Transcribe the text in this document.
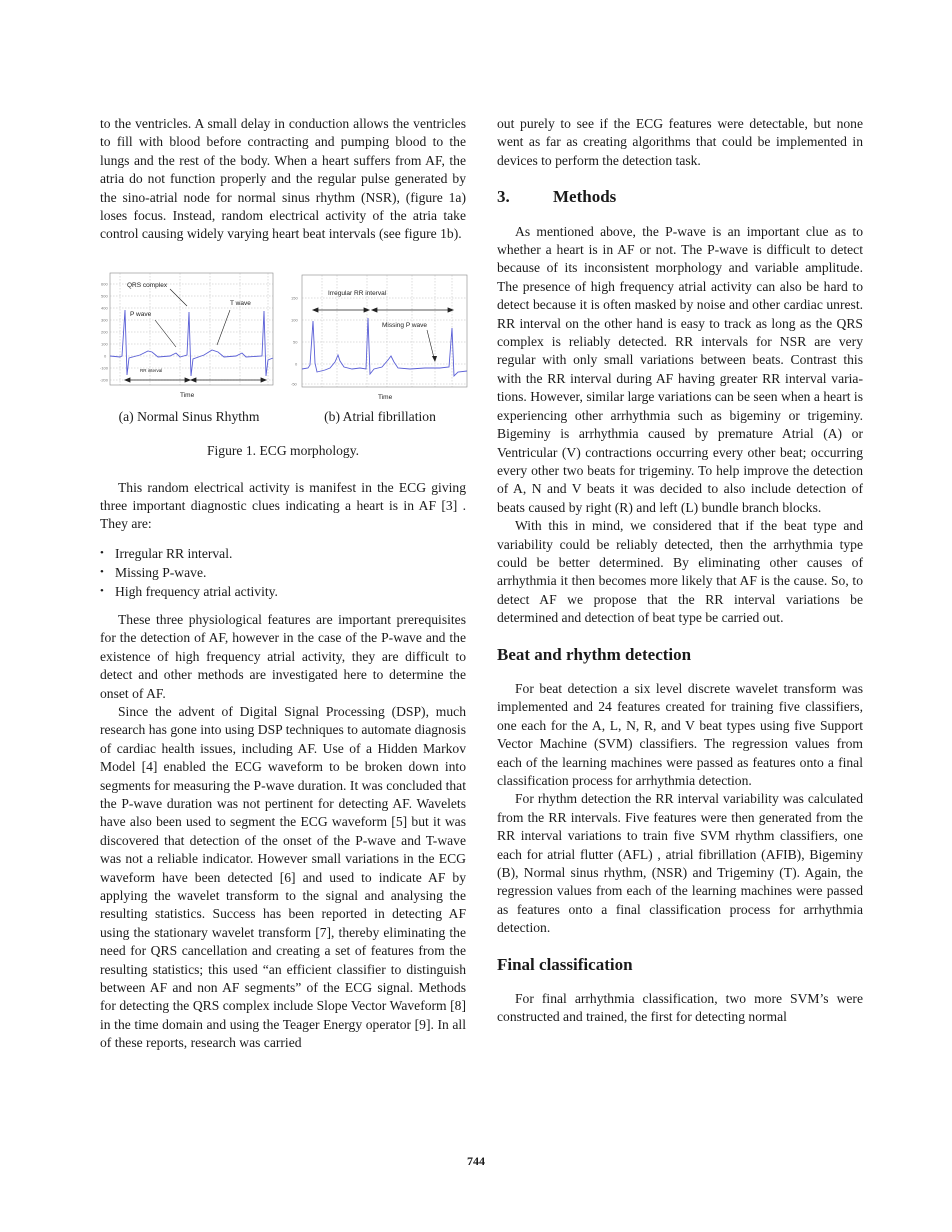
to the ventricles. A small delay in conduction allows the ventricles to fill with blood before contracting and pumping blood to the lungs and the rest of the body. When a heart suffers from AF, the atria do not function properly and the regular pulse generated by the sino-atrial node for normal sinus rhythm (NSR), (figure 1a) loses focus. Instead, random electrical activity of the atria take control causing widely varying heart beat intervals (see figure 1b).

600
500
400
300
200
100
0
-100
-200
QRS complex
P wave
T wave
RR interval
Time
(a) Normal Sinus Rhythm
150
100
50
0
-50
Irregular RR interval
Missing P wave
Time
(b) Atrial fibrillation
Figure 1. ECG morphology.

This random electrical activity is manifest in the ECG giving three important diagnostic clues indicating a heart is in AF [3] . They are:

• Irregular RR interval.
• Missing P-wave.
• High frequency atrial activity.

These three physiological features are important prerequisites for the detection of AF, however in the case of the P-wave and the existence of high frequency atrial activity, they are difficult to detect and other methods are investigated here to determine the onset of AF.

Since the advent of Digital Signal Processing (DSP), much research has gone into using DSP techniques to automate diagnosis of cardiac health issues, including AF. Use of a Hidden Markov Model [4] enabled the ECG waveform to be broken down into segments for measuring the P-wave duration. It was concluded that the P-wave duration was not pertinent for detecting AF. Wavelets have also been used to segment the ECG waveform [5] but it was discovered that detection of the onset of the P-wave and T-wave was not a reliable indicator. However small variations in the ECG waveform have been detected [6] and used to indicate AF by applying the wavelet transform to the signal and analysing the resulting statistics. Success has been reported in detecting AF using the stationary wavelet transform [7], thereby eliminating the need for QRS cancellation and creating a set of features from the resulting statistics; this used “an efficient classifier to distinguish between AF and non AF segments” of the ECG signal. Methods for detecting the QRS complex include Slope Vector Waveform [8] in the time domain and using the Teager Energy operator [9]. In all of these reports, research was carried

out purely to see if the ECG features were detectable, but none went as far as creating algorithms that could be implemented in devices to perform the detection task.

3.	Methods

As mentioned above, the P-wave is an important clue as to whether a heart is in AF or not. The P-wave is difficult to detect because of its inconsistent morphology and variable amplitude. The presence of high frequency atrial activity can also be hard to detect because it is often masked by noise and other cardiac unrest. RR interval on the other hand is easy to track as long as the QRS complex is reliably detected. RR intervals for NSR are very regular with only small variations between beats. Contrast this with the RR interval during AF having greater RR interval variations. However, similar large variations can be seen when a heart is experiencing other arrhythmia such as bigeminy or trigeminy. Bigeminy is arrhythmia caused by premature Atrial (A) or Ventricular (V) contractions occurring every other beat; occurring every other two beats for trigeminy. To help improve the detection of A, N and V beats it was decided to also include detection of beats caused by right (R) and left (L) bundle branch blocks.

With this in mind, we considered that if the beat type and variability could be reliably detected, then the arrhythmia type could be better determined. By eliminating other causes of arrhythmia it then becomes more likely that AF is the cause. So, to detect AF we propose that the RR interval variations be determined and detection of beat type be carried out.

Beat and rhythm detection

For beat detection a six level discrete wavelet transform was implemented and 24 features created for training five classifiers, one each for the A, L, N, R, and V beat types using five Support Vector Machine (SVM) classifiers. The regression values from each of the learning machines were passed as features onto a final classification process for arrhythmia detection.

For rhythm detection the RR interval variability was calculated from the RR intervals. Five features were then generated from the RR interval variations to train five SVM rhythm classifiers, one each for atrial flutter (AFL) , atrial fibrillation (AFIB), Bigeminy (B), Normal sinus rhythm, (NSR) and Trigeminy (T). Again, the regression values from each of the learning machines were passed as features onto a final classification process for arrhythmia detection.

Final classification

For final arrhythmia classification, two more SVM’s were constructed and trained, the first for detecting normal

744
